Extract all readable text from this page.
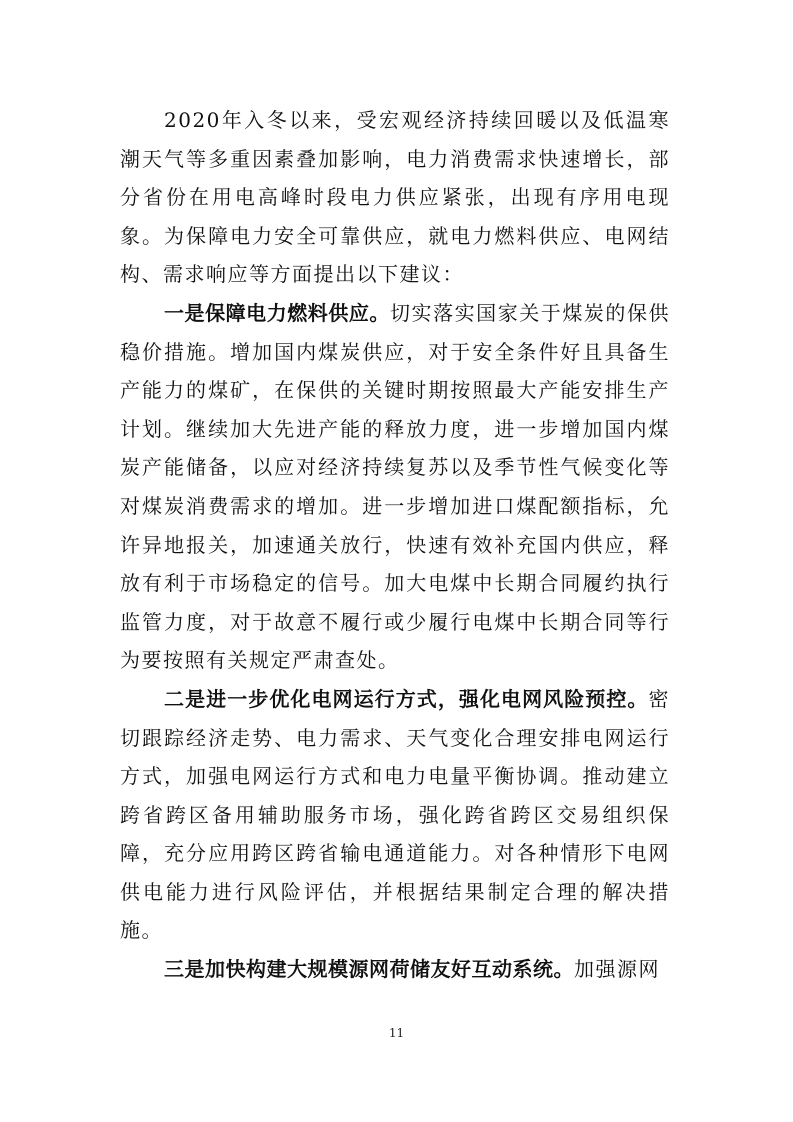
2020年入冬以来，受宏观经济持续回暖以及低温寒潮天气等多重因素叠加影响，电力消费需求快速增长，部分省份在用电高峰时段电力供应紧张，出现有序用电现象。为保障电力安全可靠供应，就电力燃料供应、电网结构、需求响应等方面提出以下建议：

一是保障电力燃料供应。切实落实国家关于煤炭的保供稳价措施。增加国内煤炭供应，对于安全条件好且具备生产能力的煤矿，在保供的关键时期按照最大产能安排生产计划。继续加大先进产能的释放力度，进一步增加国内煤炭产能储备，以应对经济持续复苏以及季节性气候变化等对煤炭消费需求的增加。进一步增加进口煤配额指标，允许异地报关，加速通关放行，快速有效补充国内供应，释放有利于市场稳定的信号。加大电煤中长期合同履约执行监管力度，对于故意不履行或少履行电煤中长期合同等行为要按照有关规定严肃查处。

二是进一步优化电网运行方式，强化电网风险预控。密切跟踪经济走势、电力需求、天气变化合理安排电网运行方式，加强电网运行方式和电力电量平衡协调。推动建立跨省跨区备用辅助服务市场，强化跨省跨区交易组织保障，充分应用跨区跨省输电通道能力。对各种情形下电网供电能力进行风险评估，并根据结果制定合理的解决措施。

三是加快构建大规模源网荷储友好互动系统。加强源网

11
